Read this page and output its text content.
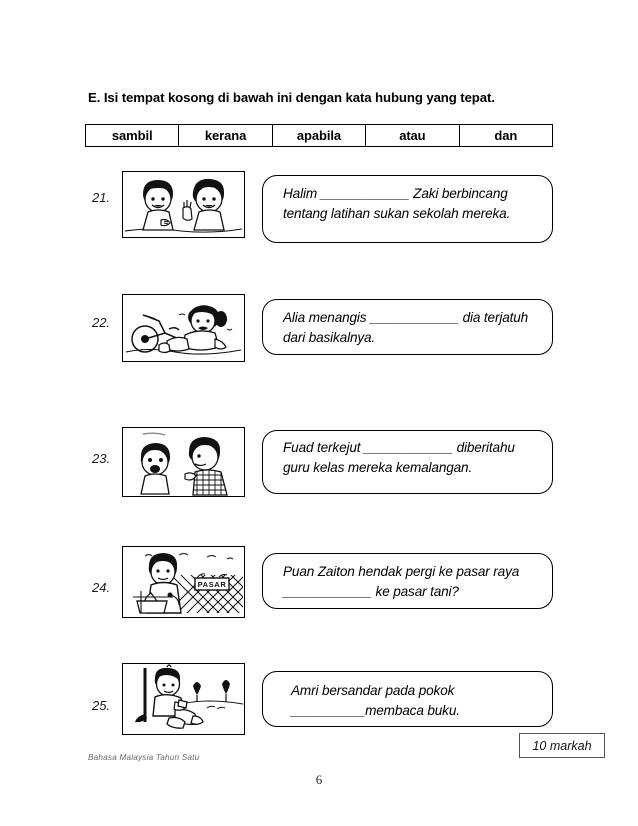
E. Isi tempat kosong di bawah ini dengan kata hubung yang tepat.
sambil	kerana	apabila	atau	dan
21.	Halim ____________ Zaki berbincang tentang latihan sukan sekolah mereka.
22.	Alia menangis ____________ dia terjatuh dari basikalnya.
23.
Fuad terkejut ____________ diberitahu guru kelas mereka kemalangan.
24.	PASAR
Puan Zaiton hendak pergi ke pasar raya ____________ ke pasar tani?
25.
Amri bersandar pada pokok __________membaca buku.
10 markah
Bahasa Malaysia Tahun Satu
6
